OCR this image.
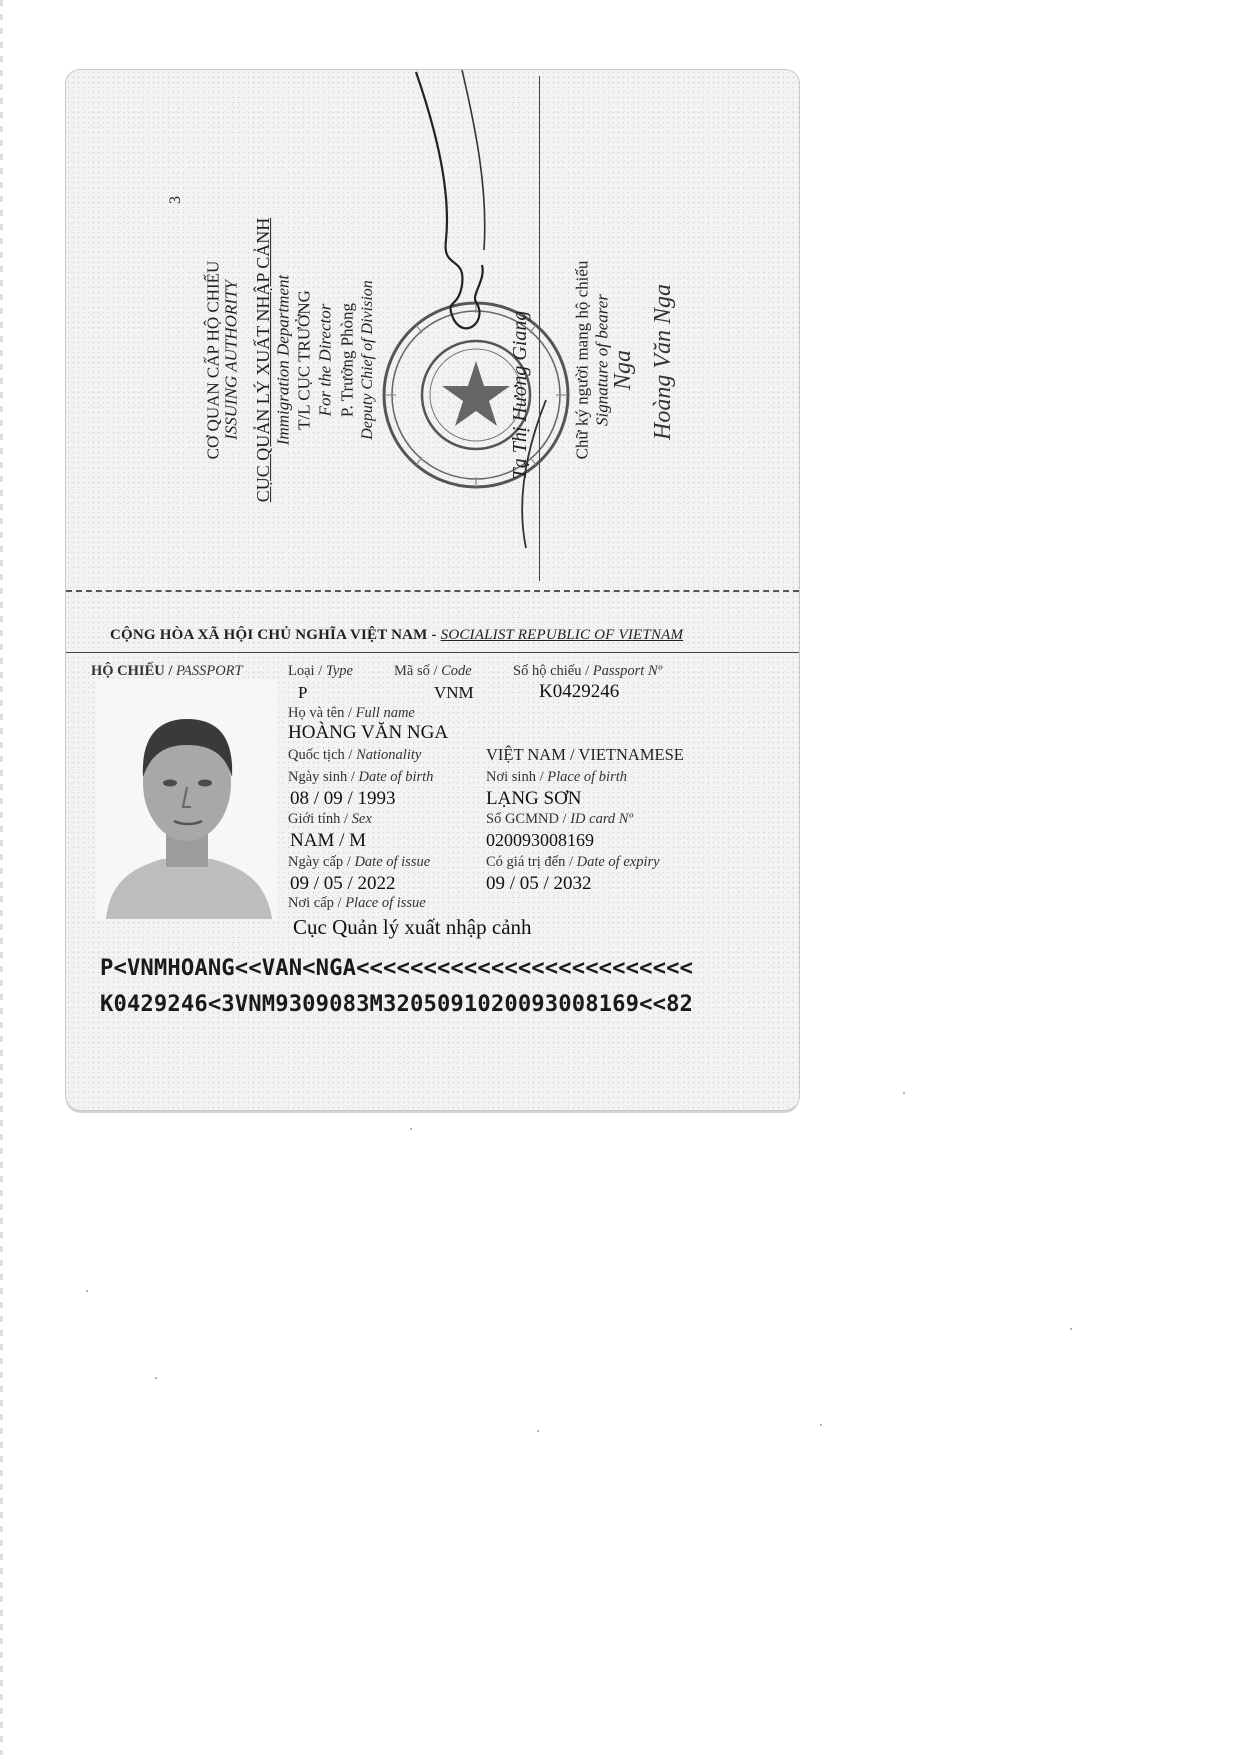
3
CƠ QUAN CẤP HỘ CHIẾU ISSUING AUTHORITY CỤC QUẢN LÝ XUẤT NHẬP CẢNH Immigration Department T/L CỤC TRƯỞNG For the Director P. Trưởng Phòng Deputy Chief of Division	Tạ Thị Hương Giang Chữ ký người mang hộ chiếu Signature of bearer
Nga Hoàng Văn Nga
CỘNG HÒA XÃ HỘI CHỦ NGHĨA VIỆT NAM - SOCIALIST REPUBLIC OF VIETNAM
HỘ CHIẾU / PASSPORT	Loại / Type	Mã số / Code	Số hộ chiếu / Passport Nº
P	VNM	K0429246
Họ và tên / Full name
HOÀNG VĂN NGA
Quốc tịch / Nationality	VIỆT NAM / VIETNAMESE
Ngày sinh / Date of birth	Nơi sinh / Place of birth
08 / 09 / 1993	LẠNG SƠN
Giới tính / Sex	Số GCMND / ID card Nº
NAM / M	020093008169
Ngày cấp / Date of issue	Có giá trị đến / Date of expiry
09 / 05 / 2022	09 / 05 / 2032
Nơi cấp / Place of issue
Cục Quản lý xuất nhập cảnh
P<VNMHOANG<<VAN<NGA<<<<<<<<<<<<<<<<<<<<<<<<<
K0429246<3VNM9309083M3205091020093008169<<82
